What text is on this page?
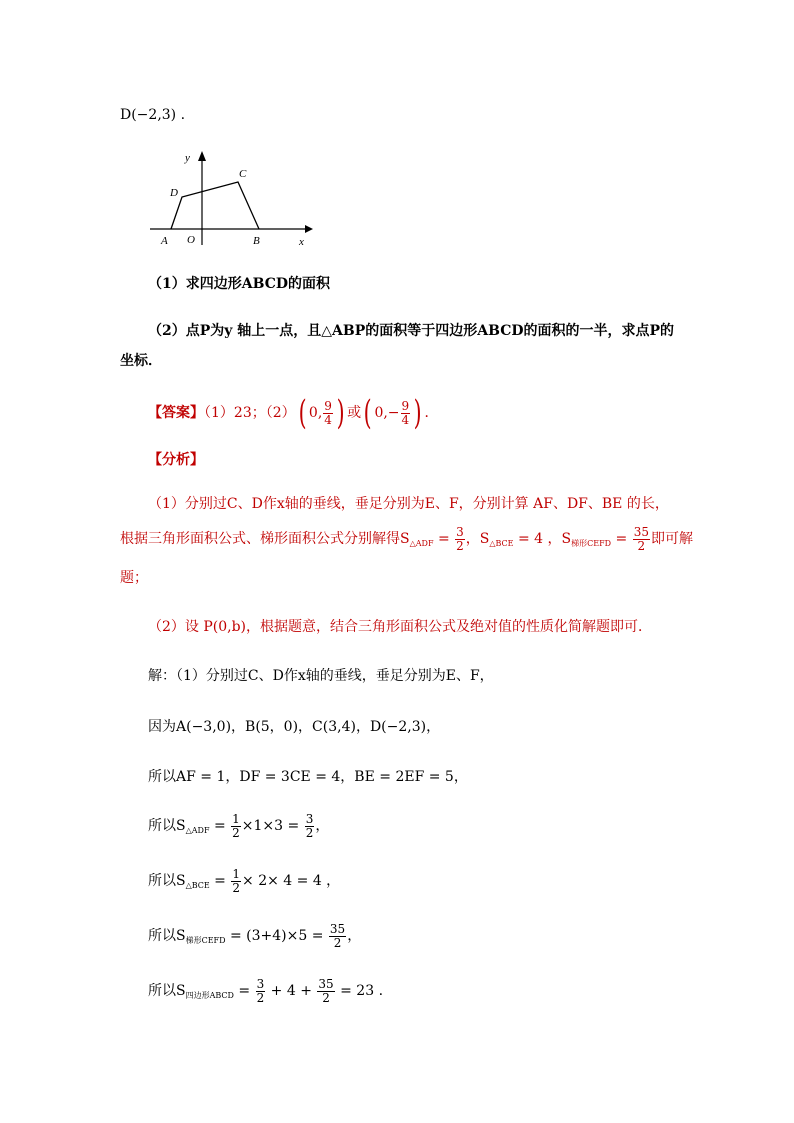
D(−2,3) .
x
y
O
A	B
C
D
（1）求四边形ABCD的面积
（2）点P为y 轴上一点，且△ABP的面积等于四边形ABCD的面积的一半，求点P的
坐标．
【答案】（1）23；（2）( 0, $\frac{9}{4}$ ) 或( $0,- \frac{9}{4}$ ) ．
【分析】
（1）分别过C、D作x轴的垂线，垂足分别为E、F，分别计算 AF、DF、BE 的长，
根据三角形面积公式、梯形面积公式分别解得$S_{\triangle ADF} = \frac{3}{2}$ ，$S_{\triangle BCE} = 4$ ，$S_{梯形CEFD} = \frac{35}{2}$ 即可解
题；
（2）设 P(0,b)，根据题意，结合三角形面积公式及绝对值的性质化简解题即可．
解：（1）分别过C、D作x轴的垂线，垂足分别为E、F，
因为A(−3,0)，B(5，0)，C(3,4)，D(−2,3)，
所以AF = 1，DF = 3CE = 4，BE = 2EF = 5，
所以$S_{\triangle ADF} = \frac{1}{2} \times 1\times 3 = \frac{3}{2}$ ，
所以$S_{\triangle BCE} = \frac{1}{2} \times 2\times 4 = 4$ ，
所以$S_{梯形CEFD} = (3+4)\times 5 = \frac{35}{2}$ ，
所以$S_{四边形ABCD} = \frac{3}{2} + 4 + \frac{35}{2} = 23$ .
